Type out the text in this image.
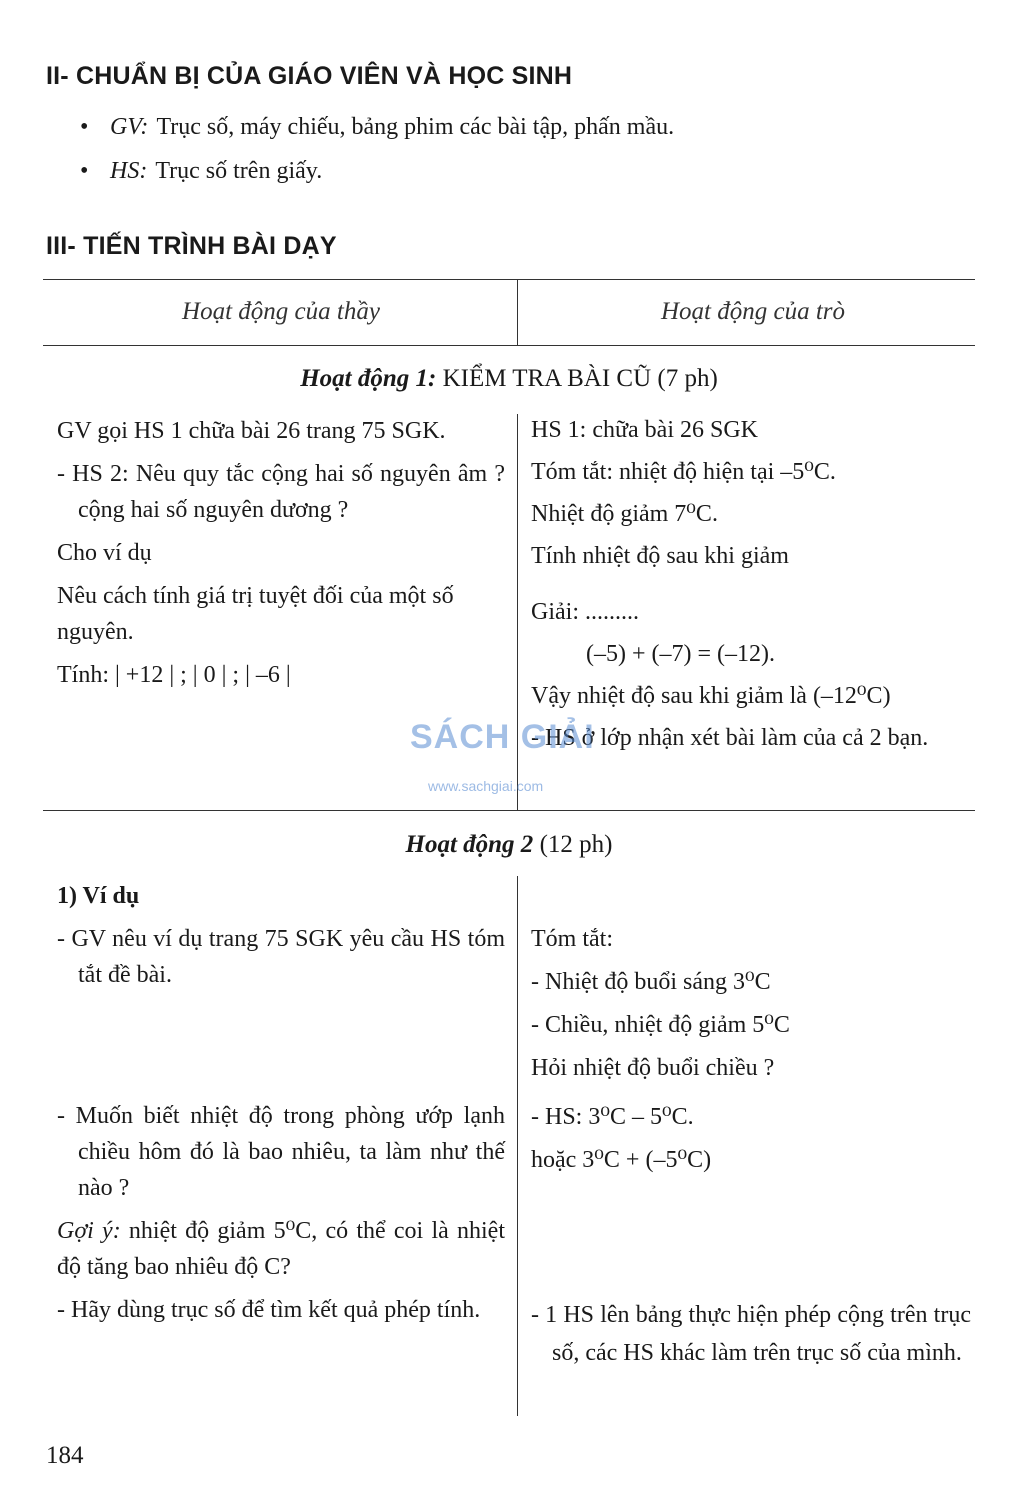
II- CHUẨN BỊ CỦA GIÁO VIÊN VÀ HỌC SINH
• GV: Trục số, máy chiếu, bảng phim các bài tập, phấn mầu.
• HS: Trục số trên giấy.
III- TIẾN TRÌNH BÀI DẠY
Hoạt động của thầy	Hoạt động của trò
Hoạt động 1: KIỂM TRA BÀI CŨ (7 ph)
GV gọi HS 1 chữa bài 26 trang 75 SGK.
- HS 2: Nêu quy tắc cộng hai số nguyên âm ? cộng hai số nguyên dương ?
Cho ví dụ
Nêu cách tính giá trị tuyệt đối của một số nguyên.
Tính: | +12 | ; | 0 | ; | –6 |
HS 1: chữa bài 26 SGK
Tóm tắt: nhiệt độ hiện tại –5⁰C.
Nhiệt độ giảm 7⁰C.
Tính nhiệt độ sau khi giảm
Giải: .........
(–5) + (–7) = (–12).
Vậy nhiệt độ sau khi giảm là (–12⁰C)
- HS ở lớp nhận xét bài làm của cả 2 bạn.
SÁCH GIẢI
www.sachgiai.com
Hoạt động 2 (12 ph)
1) Ví dụ
- GV nêu ví dụ trang 75 SGK yêu cầu HS tóm tắt đề bài.
- Muốn biết nhiệt độ trong phòng ướp lạnh chiều hôm đó là bao nhiêu, ta làm như thế nào ?
Gợi ý: nhiệt độ giảm 5⁰C, có thể coi là nhiệt độ tăng bao nhiêu độ C?
- Hãy dùng trục số để tìm kết quả phép tính.
Tóm tắt:
- Nhiệt độ buổi sáng 3⁰C
- Chiều, nhiệt độ giảm 5⁰C
Hỏi nhiệt độ buổi chiều ?
- HS: 3⁰C – 5⁰C.
hoặc 3⁰C + (–5⁰C)
- 1 HS lên bảng thực hiện phép cộng trên trục số, các HS khác làm trên trục số của mình.
184
